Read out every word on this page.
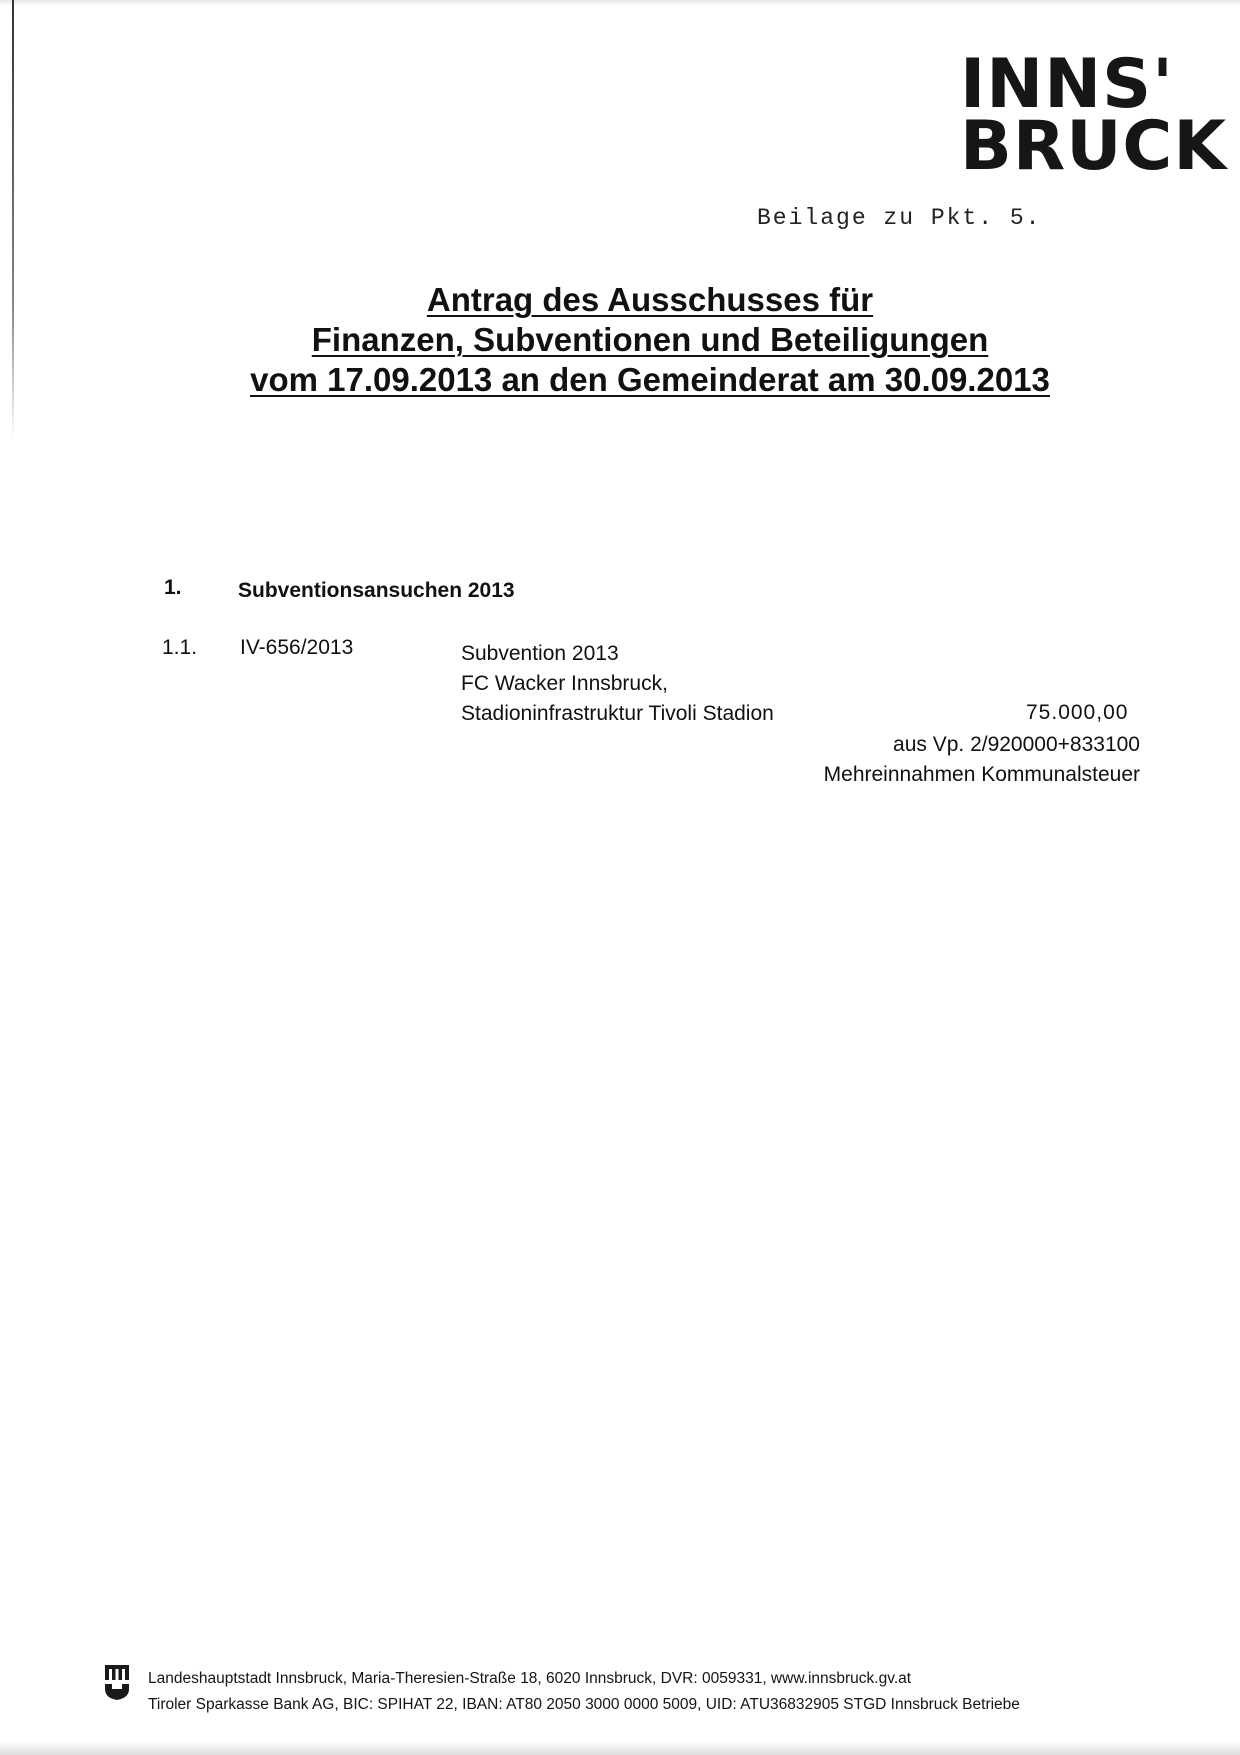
INNS'
BRUCK
Beilage zu Pkt. 5.
Antrag des Ausschusses für
Finanzen, Subventionen und Beteiligungen
vom 17.09.2013 an den Gemeinderat am 30.09.2013
1.	Subventionsansuchen 2013
1.1. IV-656/2013	Subvention 2013
FC Wacker Innsbruck,
Stadioninfrastruktur Tivoli Stadion	75.000,00
aus Vp. 2/920000+833100
Mehreinnahmen Kommunalsteuer
Landeshauptstadt Innsbruck, Maria-Theresien-Straße 18, 6020 Innsbruck, DVR: 0059331, www.innsbruck.gv.at
Tiroler Sparkasse Bank AG, BIC: SPIHAT 22, IBAN: AT80 2050 3000 0000 5009, UID: ATU36832905 STGD Innsbruck Betriebe
